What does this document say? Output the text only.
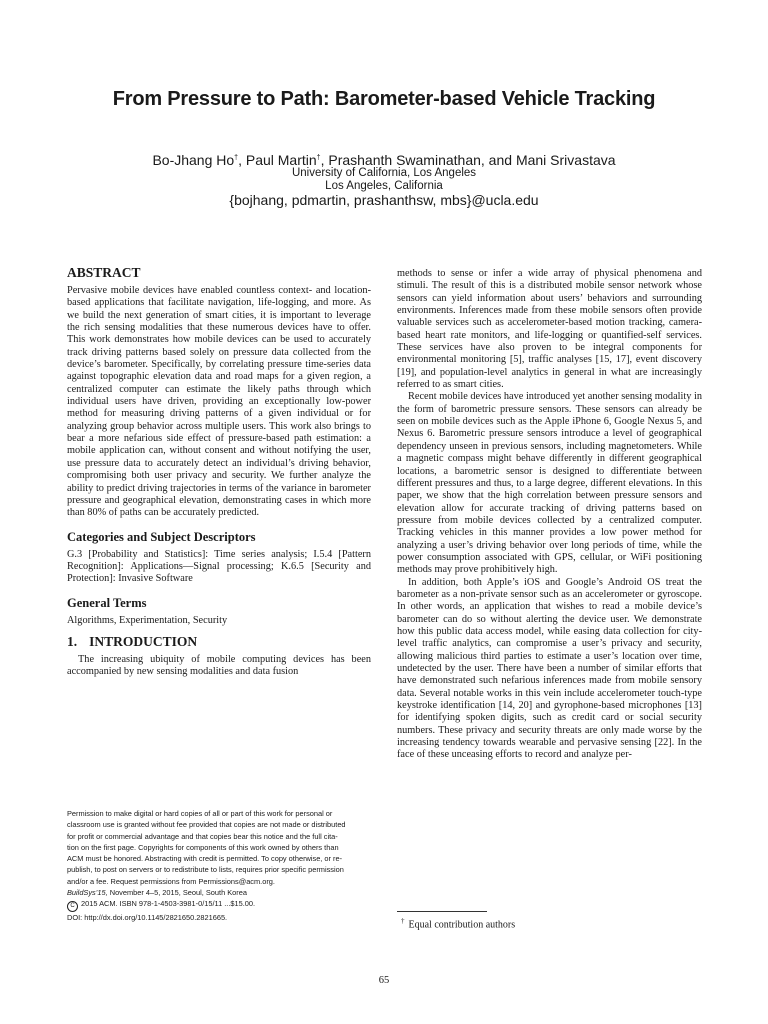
From Pressure to Path: Barometer-based Vehicle Tracking
Bo-Jhang Ho†, Paul Martin†, Prashanth Swaminathan, and Mani Srivastava
University of California, Los Angeles
Los Angeles, California
{bojhang, pdmartin, prashanthsw, mbs}@ucla.edu
ABSTRACT

Pervasive mobile devices have enabled countless context- and location-based applications that facilitate navigation, life-logging, and more. As we build the next generation of smart cities, it is important to leverage the rich sensing modalities that these numerous devices have to offer. This work demonstrates how mobile devices can be used to accurately track driving patterns based solely on pressure data collected from the device’s barometer. Specifically, by correlating pressure time-series data against topographic elevation data and road maps for a given region, a centralized computer can estimate the likely paths through which individual users have driven, providing an exceptionally low-power method for measuring driving patterns of a given individual or for analyzing group behavior across multiple users. This work also brings to bear a more nefarious side effect of pressure-based path estimation: a mobile application can, without consent and without notifying the user, use pressure data to accurately detect an individual’s driving behavior, compromising both user privacy and security. We further analyze the ability to predict driving trajectories in terms of the variance in barometer pressure and geographical elevation, demonstrating cases in which more than 80% of paths can be accurately predicted.

Categories and Subject Descriptors

G.3 [Probability and Statistics]: Time series analysis; I.5.4 [Pattern Recognition]: Applications—Signal processing; K.6.5 [Security and Protection]: Invasive Software

General Terms

Algorithms, Experimentation, Security

1. INTRODUCTION

The increasing ubiquity of mobile computing devices has been accompanied by new sensing modalities and data fusion

Permission to make digital or hard copies of all or part of this work for personal or
classroom use is granted without fee provided that copies are not made or distributed
for profit or commercial advantage and that copies bear this notice and the full cita-
tion on the first page. Copyrights for components of this work owned by others than
ACM must be honored. Abstracting with credit is permitted. To copy otherwise, or re-
publish, to post on servers or to redistribute to lists, requires prior specific permission
and/or a fee. Request permissions from Permissions@acm.org.
BuildSys’15, November 4–5, 2015, Seoul, South Korea
C 2015 ACM. ISBN 978-1-4503-3981-0/15/11 ...$15.00.
DOI: http://dx.doi.org/10.1145/2821650.2821665.

methods to sense or infer a wide array of physical phenomena and stimuli. The result of this is a distributed mobile sensor network whose sensors can yield information about users’ behaviors and surrounding environments. Inferences made from these mobile sensors often provide valuable services such as accelerometer-based motion tracking, camera-based heart rate monitors, and life-logging or quantified-self services. These services have also proven to be integral components for environmental monitoring [5], traffic analyses [15, 17], event discovery [19], and population-level analytics in general in what are increasingly referred to as smart cities.

Recent mobile devices have introduced yet another sensing modality in the form of barometric pressure sensors. These sensors can already be seen on mobile devices such as the Apple iPhone 6, Google Nexus 5, and Nexus 6. Barometric pressure sensors introduce a level of geographical dependency unseen in previous sensors, including magnetometers. While a magnetic compass might behave differently in different geographical locations, a barometric sensor is designed to differentiate between different pressures and thus, to a large degree, different elevations. In this paper, we show that the high correlation between pressure sensors and elevation allow for accurate tracking of driving patterns based on pressure from mobile devices collected by a centralized computer. Tracking vehicles in this manner provides a low power method for analyzing a user’s driving behavior over long periods of time, while the power consumption associated with GPS, cellular, or WiFi positioning methods may prove prohibitively high.

In addition, both Apple’s iOS and Google’s Android OS treat the barometer as a non-private sensor such as an accelerometer or gyroscope. In other words, an application that wishes to read a mobile device’s barometer can do so without alerting the device user. We demonstrate how this public data access model, while easing data collection for city-level traffic analytics, can compromise a user’s privacy and security, allowing malicious third parties to estimate a user’s location over time, undetected by the user. There have been a number of similar efforts that have demonstrated such nefarious inferences made from mobile sensory data. Several notable works in this vein include accelerometer touch-type keystroke identification [14, 20] and gyrophone-based microphones [13] for identifying spoken digits, such as credit card or social security numbers. These privacy and security threats are only made worse by the increasing tendency towards wearable and pervasive sensing [22]. In the face of these unceasing efforts to record and analyze per-

† Equal contribution authors
65
